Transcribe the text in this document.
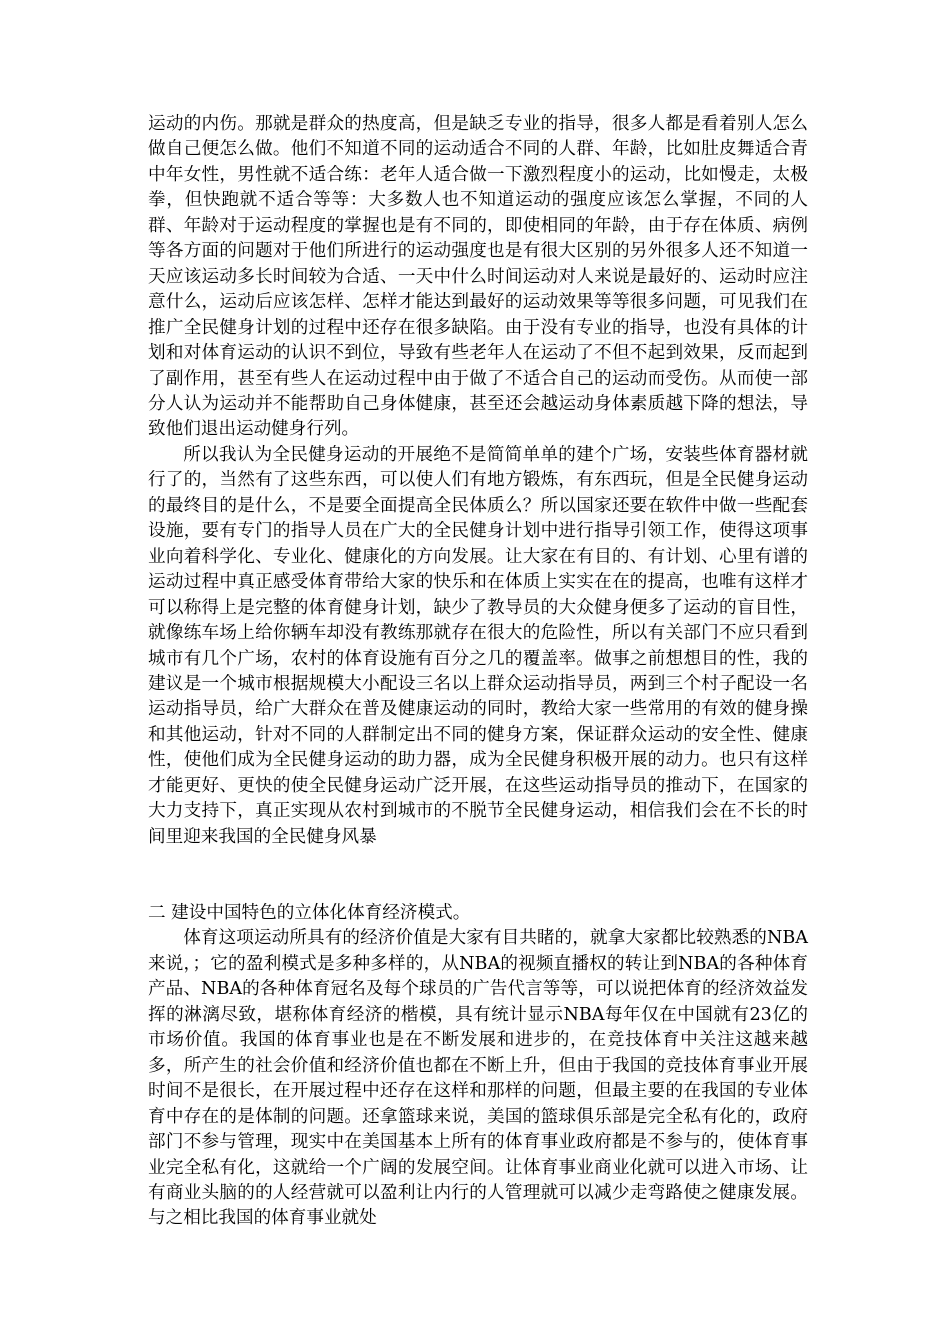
运动的内伤。那就是群众的热度高，但是缺乏专业的指导，很多人都是看着别人怎么做自己便怎么做。他们不知道不同的运动适合不同的人群、年龄，比如肚皮舞适合青中年女性，男性就不适合练：老年人适合做一下激烈程度小的运动，比如慢走，太极拳，但快跑就不适合等等：大多数人也不知道运动的强度应该怎么掌握，不同的人群、年龄对于运动程度的掌握也是有不同的，即使相同的年龄，由于存在体质、病例等各方面的问题对于他们所进行的运动强度也是有很大区别的另外很多人还不知道一天应该运动多长时间较为合适、一天中什么时间运动对人来说是最好的、运动时应注意什么，运动后应该怎样、怎样才能达到最好的运动效果等等很多问题，可见我们在推广全民健身计划的过程中还存在很多缺陷。由于没有专业的指导，也没有具体的计划和对体育运动的认识不到位，导致有些老年人在运动了不但不起到效果，反而起到了副作用，甚至有些人在运动过程中由于做了不适合自己的运动而受伤。从而使一部分人认为运动并不能帮助自己身体健康，甚至还会越运动身体素质越下降的想法，导致他们退出运动健身行列。

所以我认为全民健身运动的开展绝不是简简单单的建个广场，安装些体育器材就行了的，当然有了这些东西，可以使人们有地方锻炼，有东西玩，但是全民健身运动的最终目的是什么，不是要全面提高全民体质么？所以国家还要在软件中做一些配套设施，要有专门的指导人员在广大的全民健身计划中进行指导引领工作，使得这项事业向着科学化、专业化、健康化的方向发展。让大家在有目的、有计划、心里有谱的运动过程中真正感受体育带给大家的快乐和在体质上实实在在的提高，也唯有这样才可以称得上是完整的体育健身计划，缺少了教导员的大众健身便多了运动的盲目性，就像练车场上给你辆车却没有教练那就存在很大的危险性，所以有关部门不应只看到城市有几个广场，农村的体育设施有百分之几的覆盖率。做事之前想想目的性，我的建议是一个城市根据规模大小配设三名以上群众运动指导员，两到三个村子配设一名运动指导员，给广大群众在普及健康运动的同时，教给大家一些常用的有效的健身操和其他运动，针对不同的人群制定出不同的健身方案，保证群众运动的安全性、健康性，使他们成为全民健身运动的助力器，成为全民健身积极开展的动力。也只有这样才能更好、更快的使全民健身运动广泛开展，在这些运动指导员的推动下，在国家的大力支持下，真正实现从农村到城市的不脱节全民健身运动，相信我们会在不长的时间里迎来我国的全民健身风暴

二 建设中国特色的立体化体育经济模式。

体育这项运动所具有的经济价值是大家有目共睹的，就拿大家都比较熟悉的NBA来说，；它的盈利模式是多种多样的，从NBA的视频直播权的转让到NBA的各种体育产品、NBA的各种体育冠名及每个球员的广告代言等等，可以说把体育的经济效益发挥的淋漓尽致，堪称体育经济的楷模，具有统计显示NBA每年仅在中国就有23亿的市场价值。我国的体育事业也是在不断发展和进步的，在竞技体育中关注这越来越多，所产生的社会价值和经济价值也都在不断上升，但由于我国的竞技体育事业开展时间不是很长，在开展过程中还存在这样和那样的问题，但最主要的在我国的专业体育中存在的是体制的问题。还拿篮球来说，美国的篮球俱乐部是完全私有化的，政府部门不参与管理，现实中在美国基本上所有的体育事业政府都是不参与的，使体育事业完全私有化，这就给一个广阔的发展空间。让体育事业商业化就可以进入市场、让有商业头脑的的人经营就可以盈利让内行的人管理就可以减少走弯路使之健康发展。与之相比我国的体育事业就处
